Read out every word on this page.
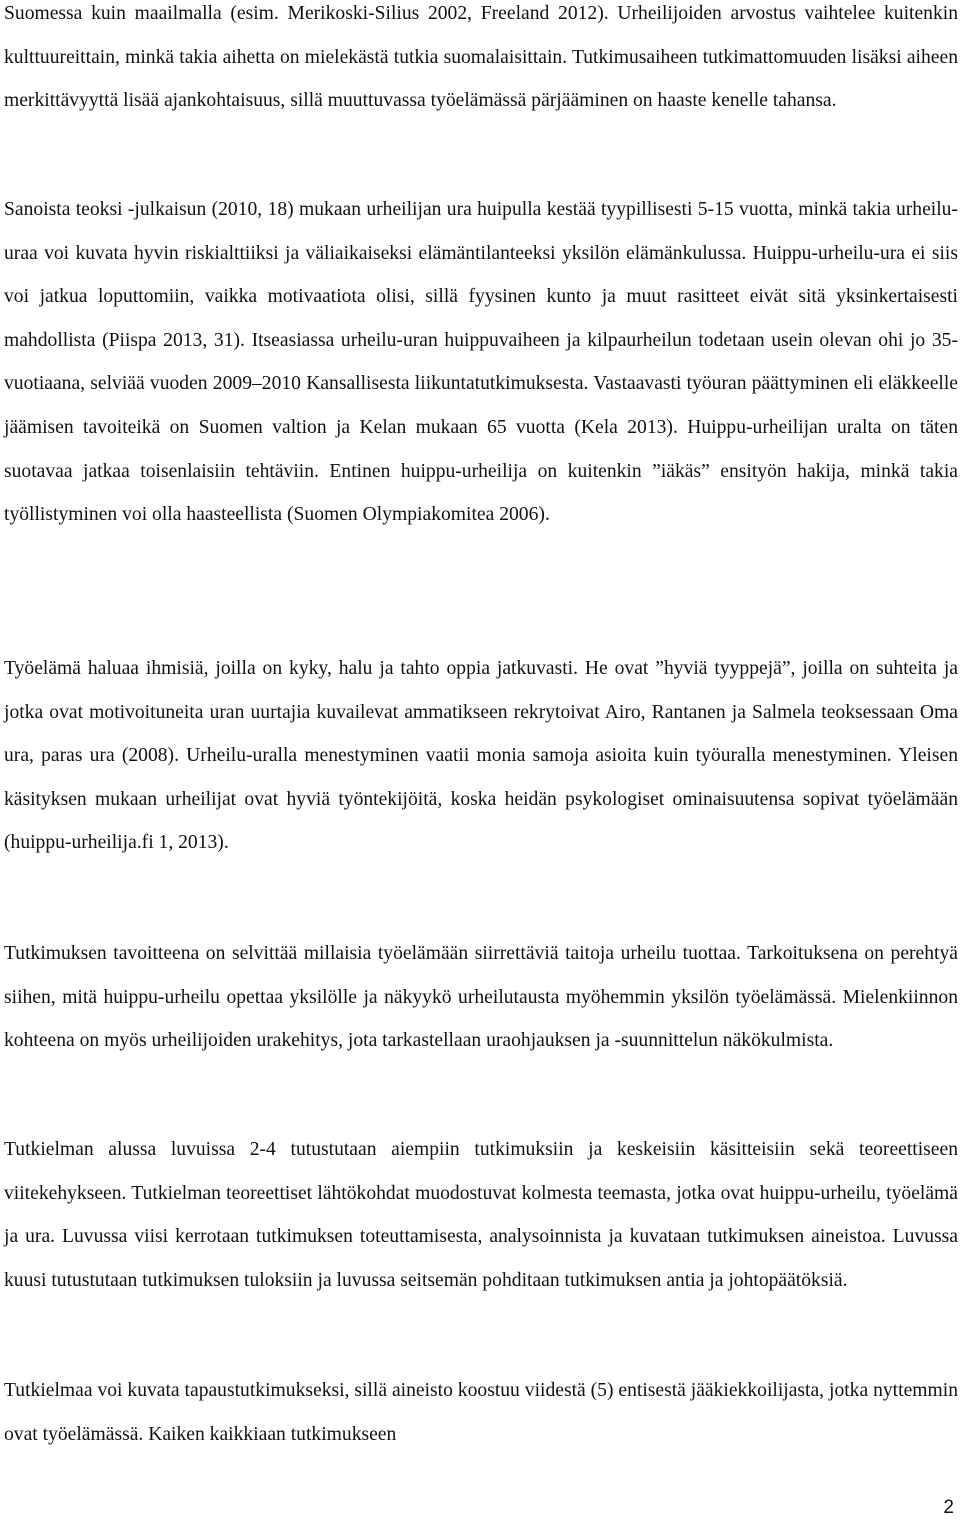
Suomessa kuin maailmalla (esim. Merikoski-Silius 2002, Freeland 2012). Urheilijoiden arvostus vaihtelee kuitenkin kulttuureittain, minkä takia aihetta on mielekästä tutkia suomalaisittain. Tutkimusaiheen tutkimattomuuden lisäksi aiheen merkittävyyttä lisää ajankohtaisuus, sillä muuttuvassa työelämässä pärjääminen on haaste kenelle tahansa.

Sanoista teoksi -julkaisun (2010, 18) mukaan urheilijan ura huipulla kestää tyypillisesti 5-15 vuotta, minkä takia urheilu-uraa voi kuvata hyvin riskialttiiksi ja väliaikaiseksi elämäntilanteeksi yksilön elämänkulussa. Huippu-urheilu-ura ei siis voi jatkua loputtomiin, vaikka motivaatiota olisi, sillä fyysinen kunto ja muut rasitteet eivät sitä yksinkertaisesti mahdollista (Piispa 2013, 31). Itseasiassa urheilu-uran huippuvaiheen ja kilpaurheilun todetaan usein olevan ohi jo 35-vuotiaana, selviää vuoden 2009–2010 Kansallisesta liikuntatutkimuksesta. Vastaavasti työuran päättyminen eli eläkkeelle jäämisen tavoiteikä on Suomen valtion ja Kelan mukaan 65 vuotta (Kela 2013). Huippu-urheilijan uralta on täten suotavaa jatkaa toisenlaisiin tehtäviin. Entinen huippu-urheilija on kuitenkin ”iäkäs” ensityön hakija, minkä takia työllistyminen voi olla haasteellista (Suomen Olympiakomitea 2006).

Työelämä haluaa ihmisiä, joilla on kyky, halu ja tahto oppia jatkuvasti. He ovat ”hyviä tyyppejä”, joilla on suhteita ja jotka ovat motivoituneita uran uurtajia kuvailevat ammatikseen rekrytoivat Airo, Rantanen ja Salmela teoksessaan Oma ura, paras ura (2008). Urheilu-uralla menestyminen vaatii monia samoja asioita kuin työuralla menestyminen. Yleisen käsityksen mukaan urheilijat ovat hyviä työntekijöitä, koska heidän psykologiset ominaisuutensa sopivat työelämään (huippu-urheilija.fi 1, 2013).

Tutkimuksen tavoitteena on selvittää millaisia työelämään siirrettäviä taitoja urheilu tuottaa. Tarkoituksena on perehtyä siihen, mitä huippu-urheilu opettaa yksilölle ja näkyykö urheilutausta myöhemmin yksilön työelämässä. Mielenkiinnon kohteena on myös urheilijoiden urakehitys, jota tarkastellaan uraohjauksen ja -suunnittelun näkökulmista.

Tutkielman alussa luvuissa 2-4 tutustutaan aiempiin tutkimuksiin ja keskeisiin käsitteisiin sekä teoreettiseen viitekehykseen. Tutkielman teoreettiset lähtökohdat muodostuvat kolmesta teemasta, jotka ovat huippu-urheilu, työelämä ja ura. Luvussa viisi kerrotaan tutkimuksen toteuttamisesta, analysoinnista ja kuvataan tutkimuksen aineistoa. Luvussa kuusi tutustutaan tutkimuksen tuloksiin ja luvussa seitsemän pohditaan tutkimuksen antia ja johtopäätöksiä.

Tutkielmaa voi kuvata tapaustutkimukseksi, sillä aineisto koostuu viidestä (5) entisestä jääkiekkoilijasta, jotka nyttemmin ovat työelämässä. Kaiken kaikkiaan tutkimukseen

2
